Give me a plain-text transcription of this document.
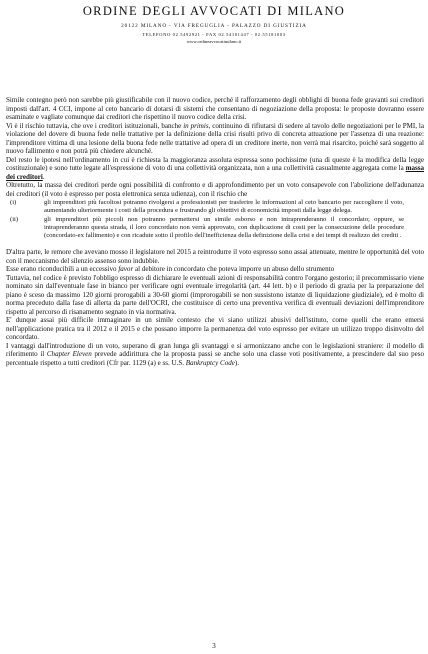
ORDINE DEGLI AVVOCATI DI MILANO
20122 MILANO - VIA FREGUGLIA - PALAZZO DI GIUSTIZIA
TELEFONO 02.5492921 - FAX 02.54101447 - 02.55181003
www.ordineavvocatimilano.it

Simile contegno però non sarebbe più giustificabile con il nuovo codice, perché il rafforzamento degli obblighi di buona fede gravanti sui creditori imposti dall'art. 4 CCI, impone al ceto bancario di dotarsi di sistemi che consentano di negoziazione della proposta: le proposte dovranno essere esaminate e vagliate comunque dai creditori che rispettino il nuovo codice della crisi.

Vi è il rischio tuttavia, che ove i creditori istituzionali, banche in primis, continuino di rifiutarsi di sedere al tavolo delle negoziazioni per le PMI, la violazione del dovere di buona fede nelle trattative per la definizione della crisi risulti privo di concreta attuazione per l'assenza di una reazione: l'imprenditore vittima di una lesione della buona fede nelle trattative ad opera di un creditore inerte, non verrà mai risarcito, poiché sarà soggetto al nuovo fallimento e non potrà più chiedere alcunché.

Del resto le ipotesi nell'ordinamento in cui è richiesta la maggioranza assoluta espressa sono pochissime (una di queste è la modifica della legge costituzionale) e sono tutte legate all'espressione di voto di una collettività organizzata, non a una collettività casualmente aggregata come la massa dei creditori.

Oltretutto, la massa dei creditori perde ogni possibilità di confronto e di approfondimento per un voto consapevole con l'abolizione dell'adunanza dei creditori (il voto è espresso per posta elettronica senza udienza), con il rischio che

(i)	gli imprenditori più facoltosi potranno rivolgersi a professionisti per trasferire le informazioni al ceto bancario per raccogliere il voto, aumentando ulteriormente i costi della procedura e frustrando gli obiettivi di economicità imposti dalla legge delega.
(ii)	gli imprenditori più piccoli non potranno permettersi un simile esborso e non intraprenderanno il concordato; oppure, se intraprenderanno questa strada, il loro concordato non verrà approvato, con duplicazione di costi per la consecuzione delle procedure (concordato-ex fallimento) e con ricadute sotto il profilo dell'inefficienza della definizione della crisi e dei tempi di realizzo dei crediti .

D'altra parte, le remore che avevano mosso il legislatore nel 2015 a reintrodurre il voto espresso sono assai attenuate, mentre le opportunità del voto con il meccanismo del silenzio assenso sono indubbie.

Esse erano riconducibili a un eccessivo favor al debitore in concordato che poteva imporre un abuso dello strumento

Tuttavia, nel codice è previsto l'obbligo espresso di dichiarare le eventuali azioni di responsabilità contro l'organo gestorio; il precommissario viene nominato sin dall'eventuale fase in bianco per verificare ogni eventuale irregolarità (art. 44 lett. b) e il periodo di grazia per la preparazione del piano è sceso da massimo 120 giorni prorogabili a 30-60 giorni (improrogabili se non sussistono istanze di liquidazione giudiziale), ed è molto di norma preceduto dalla fase di allerta da parte dell'OCRI, che costituisce di certo una preventiva verifica di eventuali deviazioni dell'imprenditore rispetto al percorso di risanamento segnato in via normativa.

E' dunque assai più difficile immaginare in un simile contesto che vi siano utilizzi abusivi dell'istituto, come quelli che erano emersi nell'applicazione pratica tra il 2012 e il 2015 e che possano imporre la permanenza del voto espresso per evitare un utilizzo troppo disinvolto del concordato.

I vantaggi dall'introduzione di un voto, superano di gran lunga gli svantaggi e si armonizzano anche con le legislazioni straniere: il modello di riferimento il Chapter Eleven prevede addirittura che la proposta passi se anche solo una classe voti positivamente, a prescindere dal suo peso percentuale rispetto a tutti creditori (Cfr par. 1129 (a) e ss. U.S. Bankruptcy Code).

3
